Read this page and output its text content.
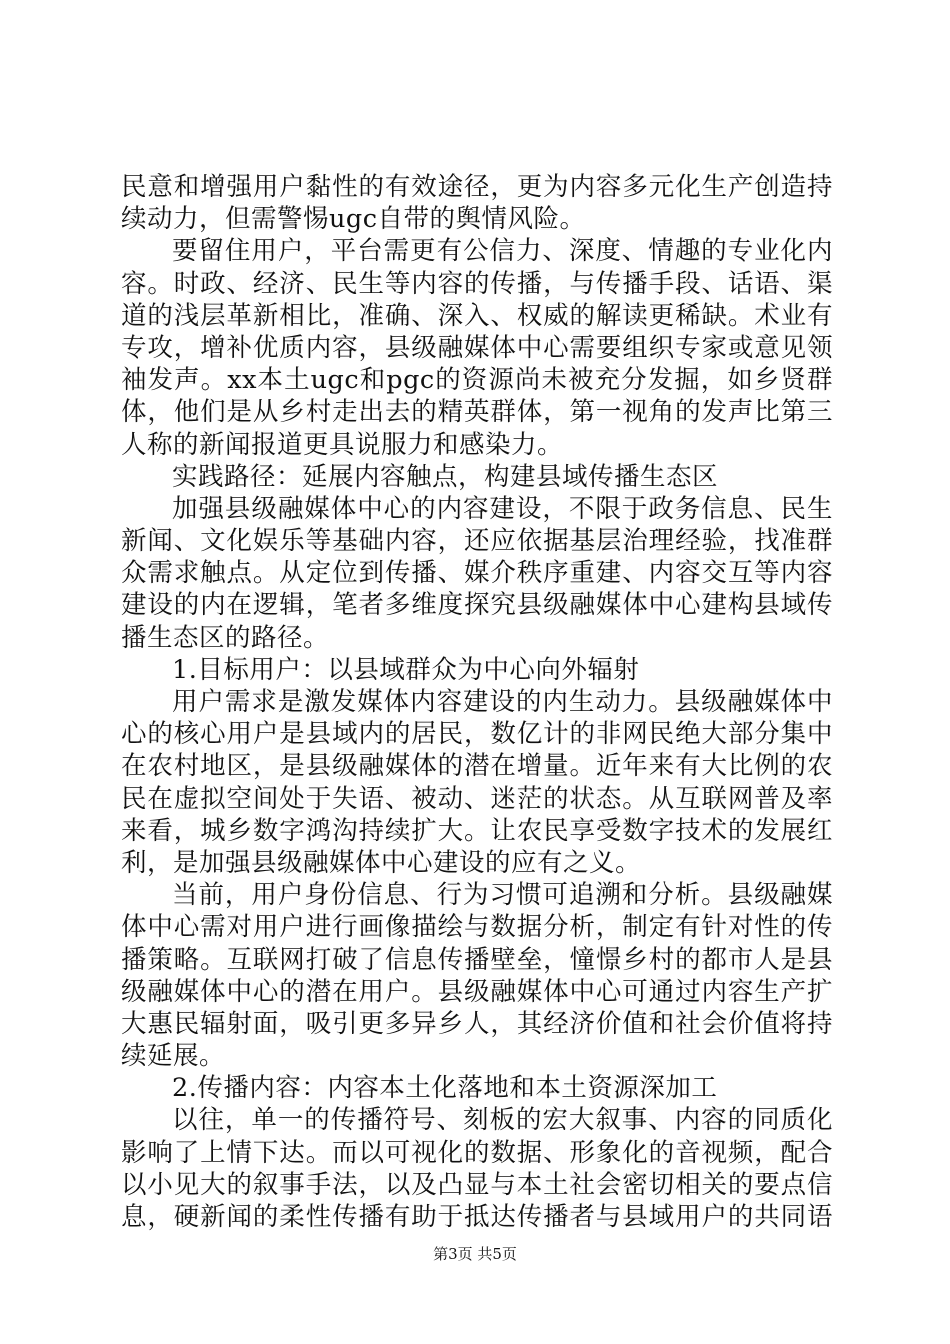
民意和增强用户黏性的有效途径，更为内容多元化生产创造持
续动力，但需警惕ugc自带的舆情风险。
要留住用户，平台需更有公信力、深度、情趣的专业化内
容。时政、经济、民生等内容的传播，与传播手段、话语、渠
道的浅层革新相比，准确、深入、权威的解读更稀缺。术业有
专攻，增补优质内容，县级融媒体中心需要组织专家或意见领
袖发声。xx本土ugc和pgc的资源尚未被充分发掘，如乡贤群
体，他们是从乡村走出去的精英群体，第一视角的发声比第三
人称的新闻报道更具说服力和感染力。
实践路径：延展内容触点，构建县域传播生态区
加强县级融媒体中心的内容建设，不限于政务信息、民生
新闻、文化娱乐等基础内容，还应依据基层治理经验，找准群
众需求触点。从定位到传播、媒介秩序重建、内容交互等内容
建设的内在逻辑，笔者多维度探究县级融媒体中心建构县域传
播生态区的路径。
1.目标用户：以县域群众为中心向外辐射
用户需求是激发媒体内容建设的内生动力。县级融媒体中
心的核心用户是县域内的居民，数亿计的非网民绝大部分集中
在农村地区，是县级融媒体的潜在增量。近年来有大比例的农
民在虚拟空间处于失语、被动、迷茫的状态。从互联网普及率
来看，城乡数字鸿沟持续扩大。让农民享受数字技术的发展红
利，是加强县级融媒体中心建设的应有之义。
当前，用户身份信息、行为习惯可追溯和分析。县级融媒
体中心需对用户进行画像描绘与数据分析，制定有针对性的传
播策略。互联网打破了信息传播壁垒，憧憬乡村的都市人是县
级融媒体中心的潜在用户。县级融媒体中心可通过内容生产扩
大惠民辐射面，吸引更多异乡人，其经济价值和社会价值将持
续延展。
2.传播内容：内容本土化落地和本土资源深加工
以往，单一的传播符号、刻板的宏大叙事、内容的同质化
影响了上情下达。而以可视化的数据、形象化的音视频，配合
以小见大的叙事手法，以及凸显与本土社会密切相关的要点信
息，硬新闻的柔性传播有助于抵达传播者与县域用户的共同语
第3页 共5页
